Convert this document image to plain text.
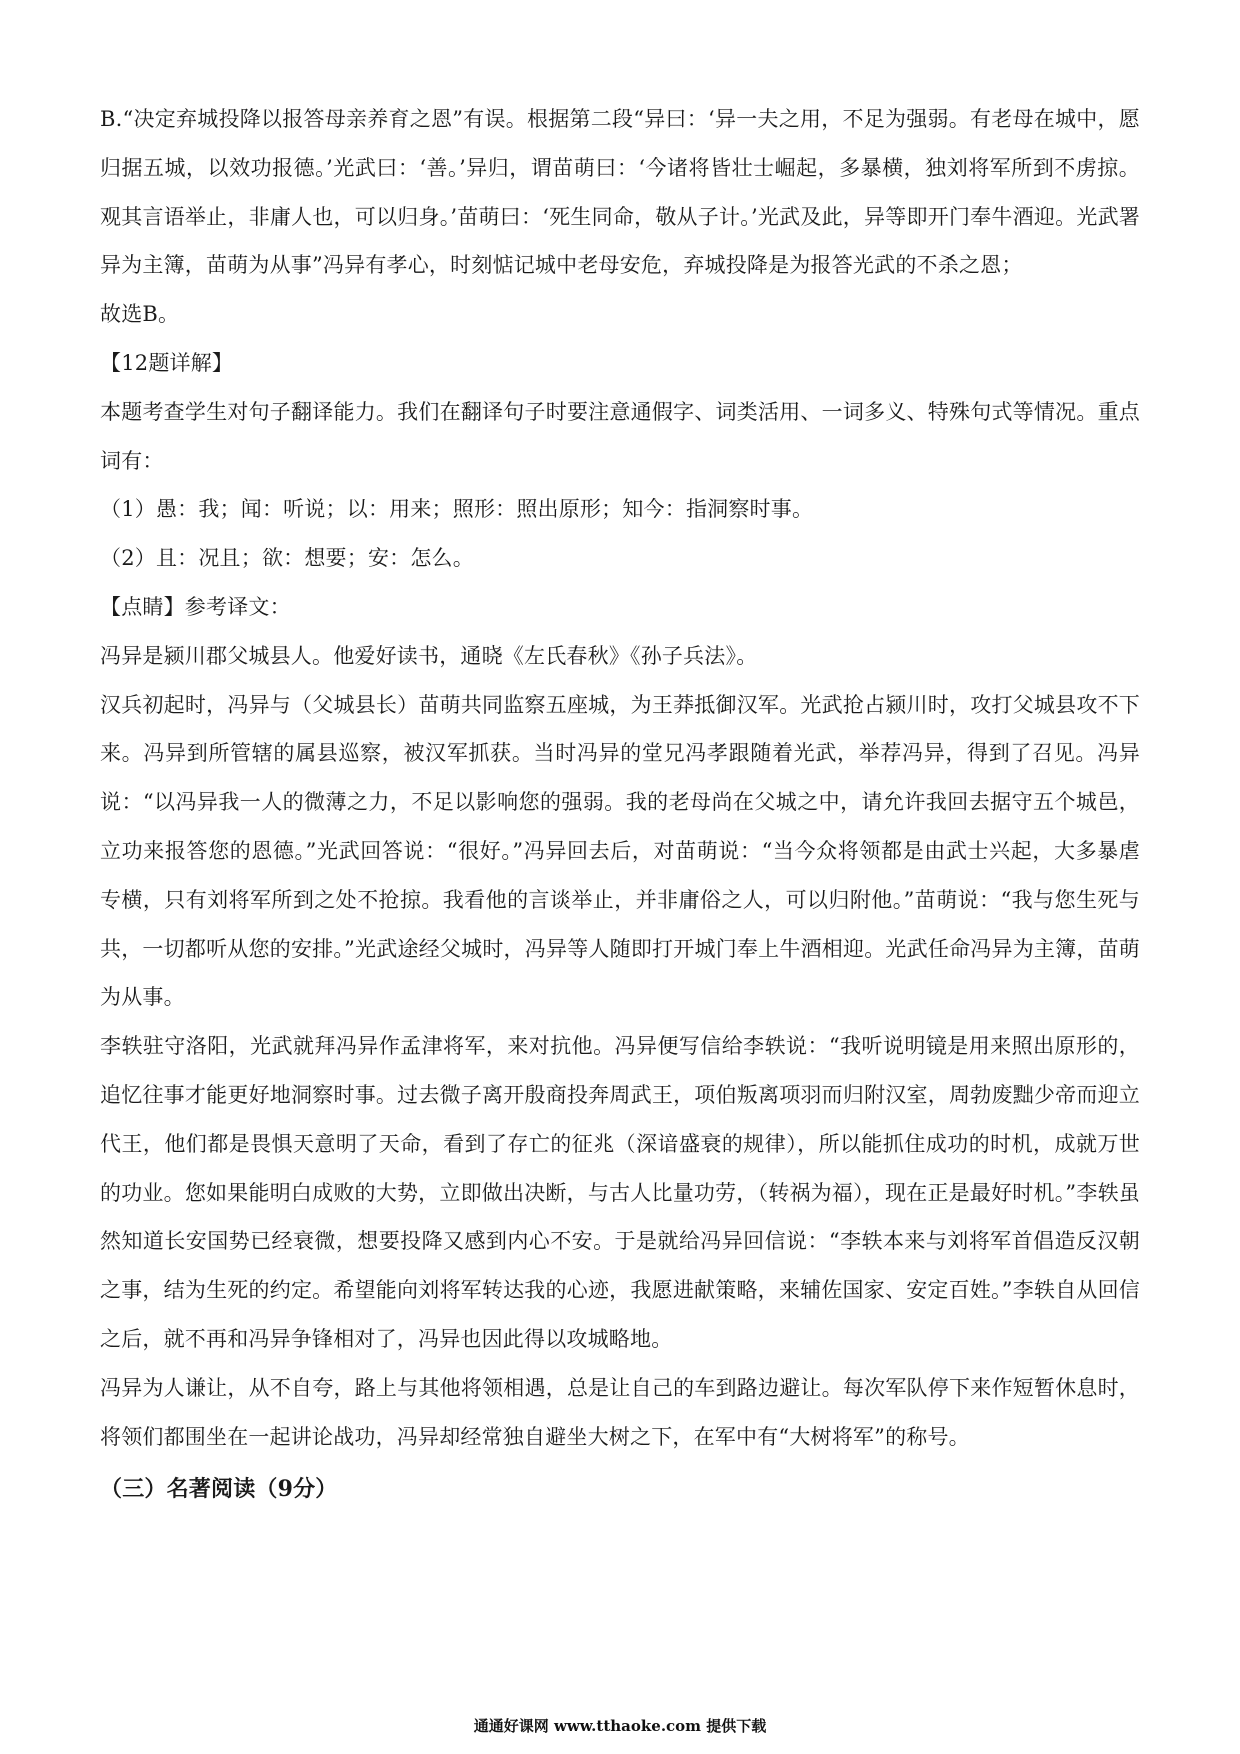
B.“决定弃城投降以报答母亲养育之恩”有误。根据第二段“异曰：‘异一夫之用，不足为强弱。有老母在城中，愿归据五城，以效功报德。’光武曰：‘善。’异归，谓苗萌曰：‘今诸将皆壮士崛起，多暴横，独刘将军所到不虏掠。观其言语举止，非庸人也，可以归身。’苗萌曰：‘死生同命，敬从子计。’光武及此，异等即开门奉牛酒迎。光武署异为主簿，苗萌为从事”冯异有孝心，时刻惦记城中老母安危，弃城投降是为报答光武的不杀之恩；

故选B。

【12题详解】

本题考查学生对句子翻译能力。我们在翻译句子时要注意通假字、词类活用、一词多义、特殊句式等情况。重点词有：

（1）愚：我；闻：听说；以：用来；照形：照出原形；知今：指洞察时事。

（2）且：况且；欲：想要；安：怎么。

【点睛】参考译文：

冯异是颍川郡父城县人。他爱好读书，通晓《左氏春秋》《孙子兵法》。

汉兵初起时，冯异与（父城县长）苗萌共同监察五座城，为王莽抵御汉军。光武抢占颍川时，攻打父城县攻不下来。冯异到所管辖的属县巡察，被汉军抓获。当时冯异的堂兄冯孝跟随着光武，举荐冯异，得到了召见。冯异说：“以冯异我一人的微薄之力，不足以影响您的强弱。我的老母尚在父城之中，请允许我回去据守五个城邑，立功来报答您的恩德。”光武回答说：“很好。”冯异回去后，对苗萌说：“当今众将领都是由武士兴起，大多暴虐专横，只有刘将军所到之处不抢掠。我看他的言谈举止，并非庸俗之人，可以归附他。”苗萌说：“我与您生死与共，一切都听从您的安排。”光武途经父城时，冯异等人随即打开城门奉上牛酒相迎。光武任命冯异为主簿，苗萌为从事。

李轶驻守洛阳，光武就拜冯异作孟津将军，来对抗他。冯异便写信给李轶说：“我听说明镜是用来照出原形的，追忆往事才能更好地洞察时事。过去微子离开殷商投奔周武王，项伯叛离项羽而归附汉室，周勃废黜少帝而迎立代王，他们都是畏惧天意明了天命，看到了存亡的征兆（深谙盛衰的规律），所以能抓住成功的时机，成就万世的功业。您如果能明白成败的大势，立即做出决断，与古人比量功劳，（转祸为福），现在正是最好时机。”李轶虽然知道长安国势已经衰微，想要投降又感到内心不安。于是就给冯异回信说：“李轶本来与刘将军首倡造反汉朝之事，结为生死的约定。希望能向刘将军转达我的心迹，我愿进献策略，来辅佐国家、安定百姓。”李轶自从回信之后，就不再和冯异争锋相对了，冯异也因此得以攻城略地。

冯异为人谦让，从不自夸，路上与其他将领相遇，总是让自己的车到路边避让。每次军队停下来作短暂休息时，将领们都围坐在一起讲论战功，冯异却经常独自避坐大树之下，在军中有“大树将军”的称号。

（三）名著阅读（9分）

通通好课网 www.tthaoke.com 提供下载
